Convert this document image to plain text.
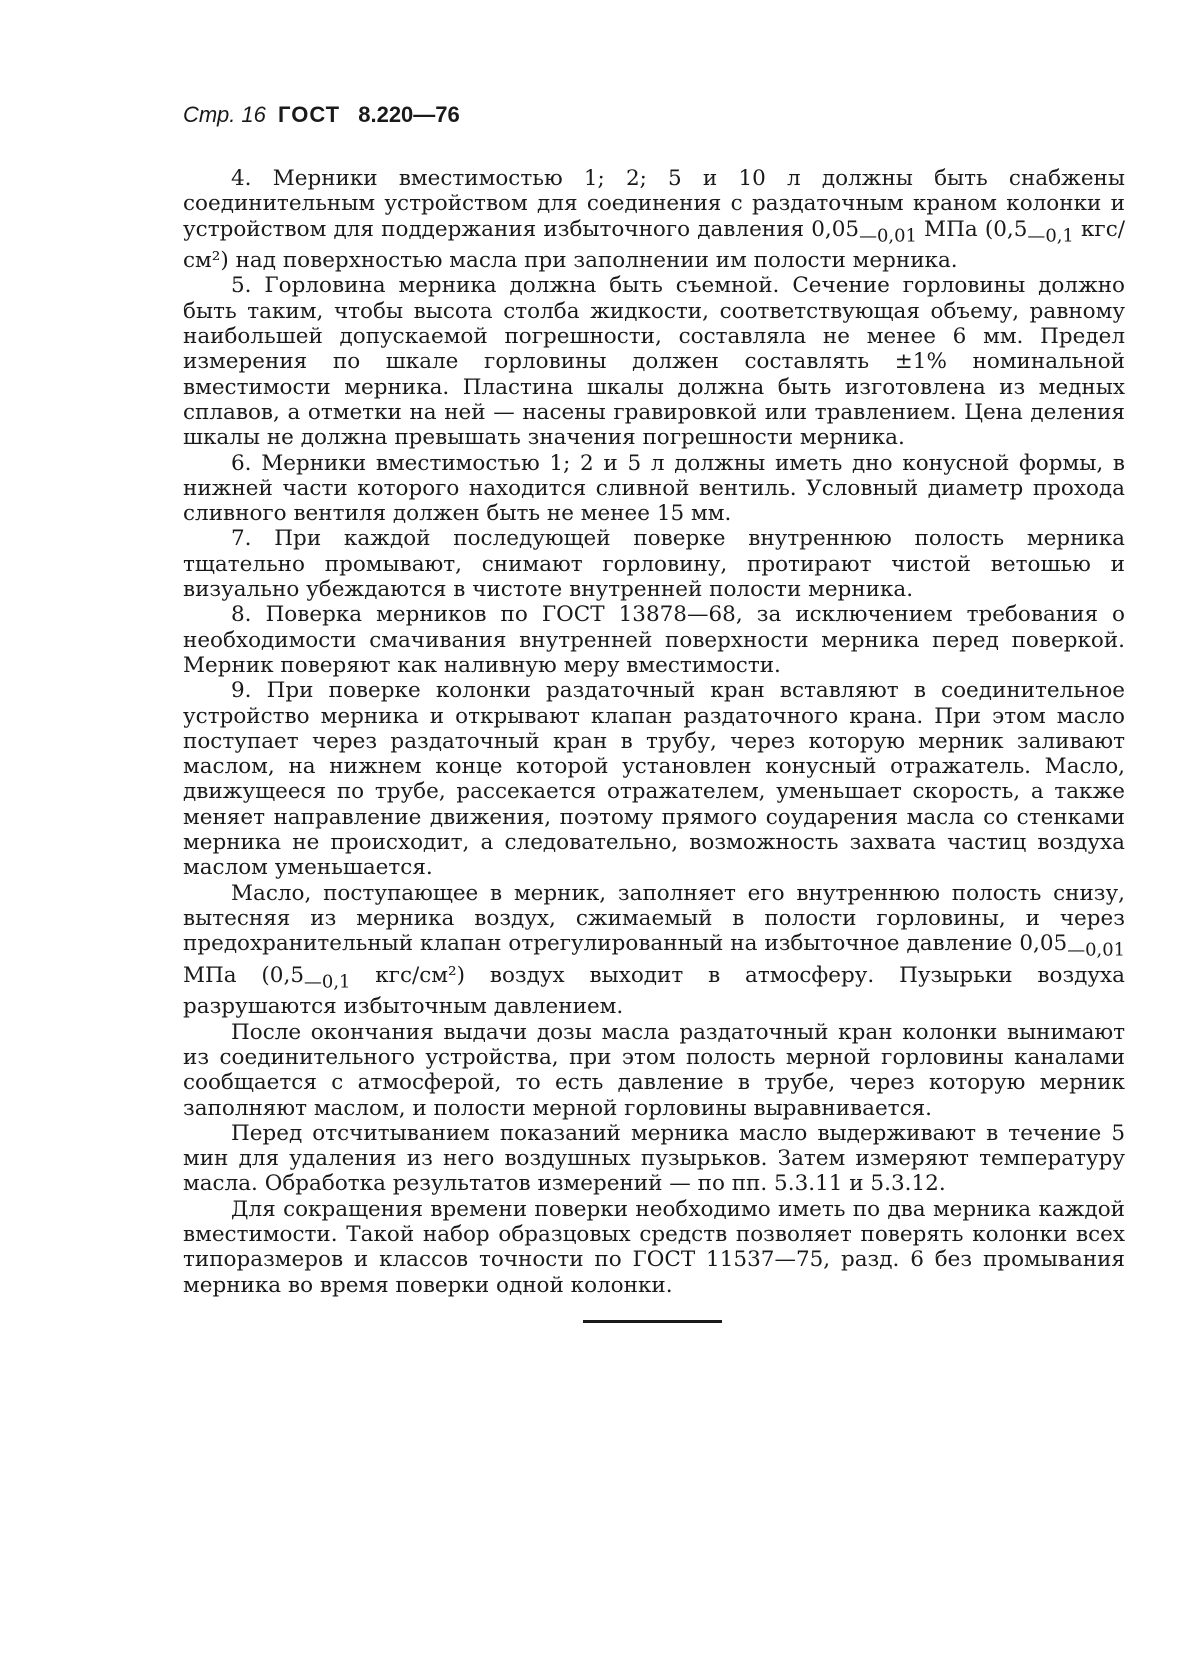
Стр. 16 ГОСТ 8.220—76

4. Мерники вместимостью 1; 2; 5 и 10 л должны быть снабжены соединительным устройством для соединения с раздаточным краном колонки и устройством для поддержания избыточного давления $0,05_{—0,01}$ МПа ($0,5_{—0,1}$ кгс/см²) над поверхностью масла при заполнении им полости мерника.

5. Горловина мерника должна быть съемной. Сечение горловины должно быть таким, чтобы высота столба жидкости, соответствующая объему, равному наибольшей допускаемой погрешности, составляла не менее 6 мм. Предел измерения по шкале горловины должен составлять ±1% номинальной вместимости мерника. Пластина шкалы должна быть изготовлена из медных сплавов, а отметки на ней — насены гравировкой или травлением. Цена деления шкалы не должна превышать значения погрешности мерника.

6. Мерники вместимостью 1; 2 и 5 л должны иметь дно конусной формы, в нижней части которого находится сливной вентиль. Условный диаметр прохода сливного вентиля должен быть не менее 15 мм.

7. При каждой последующей поверке внутреннюю полость мерника тщательно промывают, снимают горловину, протирают чистой ветошью и визуально убеждаются в чистоте внутренней полости мерника.

8. Поверка мерников по ГОСТ 13878—68, за исключением требования о необходимости смачивания внутренней поверхности мерника перед поверкой. Мерник поверяют как наливную меру вместимости.

9. При поверке колонки раздаточный кран вставляют в соединительное устройство мерника и открывают клапан раздаточного крана. При этом масло поступает через раздаточный кран в трубу, через которую мерник заливают маслом, на нижнем конце которой установлен конусный отражатель. Масло, движущееся по трубе, рассекается отражателем, уменьшает скорость, а также меняет направление движения, поэтому прямого соударения масла со стенками мерника не происходит, а следовательно, возможность захвата частиц воздуха маслом уменьшается.

Масло, поступающее в мерник, заполняет его внутреннюю полость снизу, вытесняя из мерника воздух, сжимаемый в полости горловины, и через предохранительный клапан отрегулированный на избыточное давление $0,05_{—0,01}$ МПа ($0,5_{—0,1}$ кгс/см²) воздух выходит в атмосферу. Пузырьки воздуха разрушаются избыточным давлением.

После окончания выдачи дозы масла раздаточный кран колонки вынимают из соединительного устройства, при этом полость мерной горловины каналами сообщается с атмосферой, то есть давление в трубе, через которую мерник заполняют маслом, и полости мерной горловины выравнивается.

Перед отсчитыванием показаний мерника масло выдерживают в течение 5 мин для удаления из него воздушных пузырьков. Затем измеряют температуру масла. Обработка результатов измерений — по пп. 5.3.11 и 5.3.12.

Для сокращения времени поверки необходимо иметь по два мерника каждой вместимости. Такой набор образцовых средств позволяет поверять колонки всех типоразмеров и классов точности по ГОСТ 11537—75, разд. 6 без промывания мерника во время поверки одной колонки.
